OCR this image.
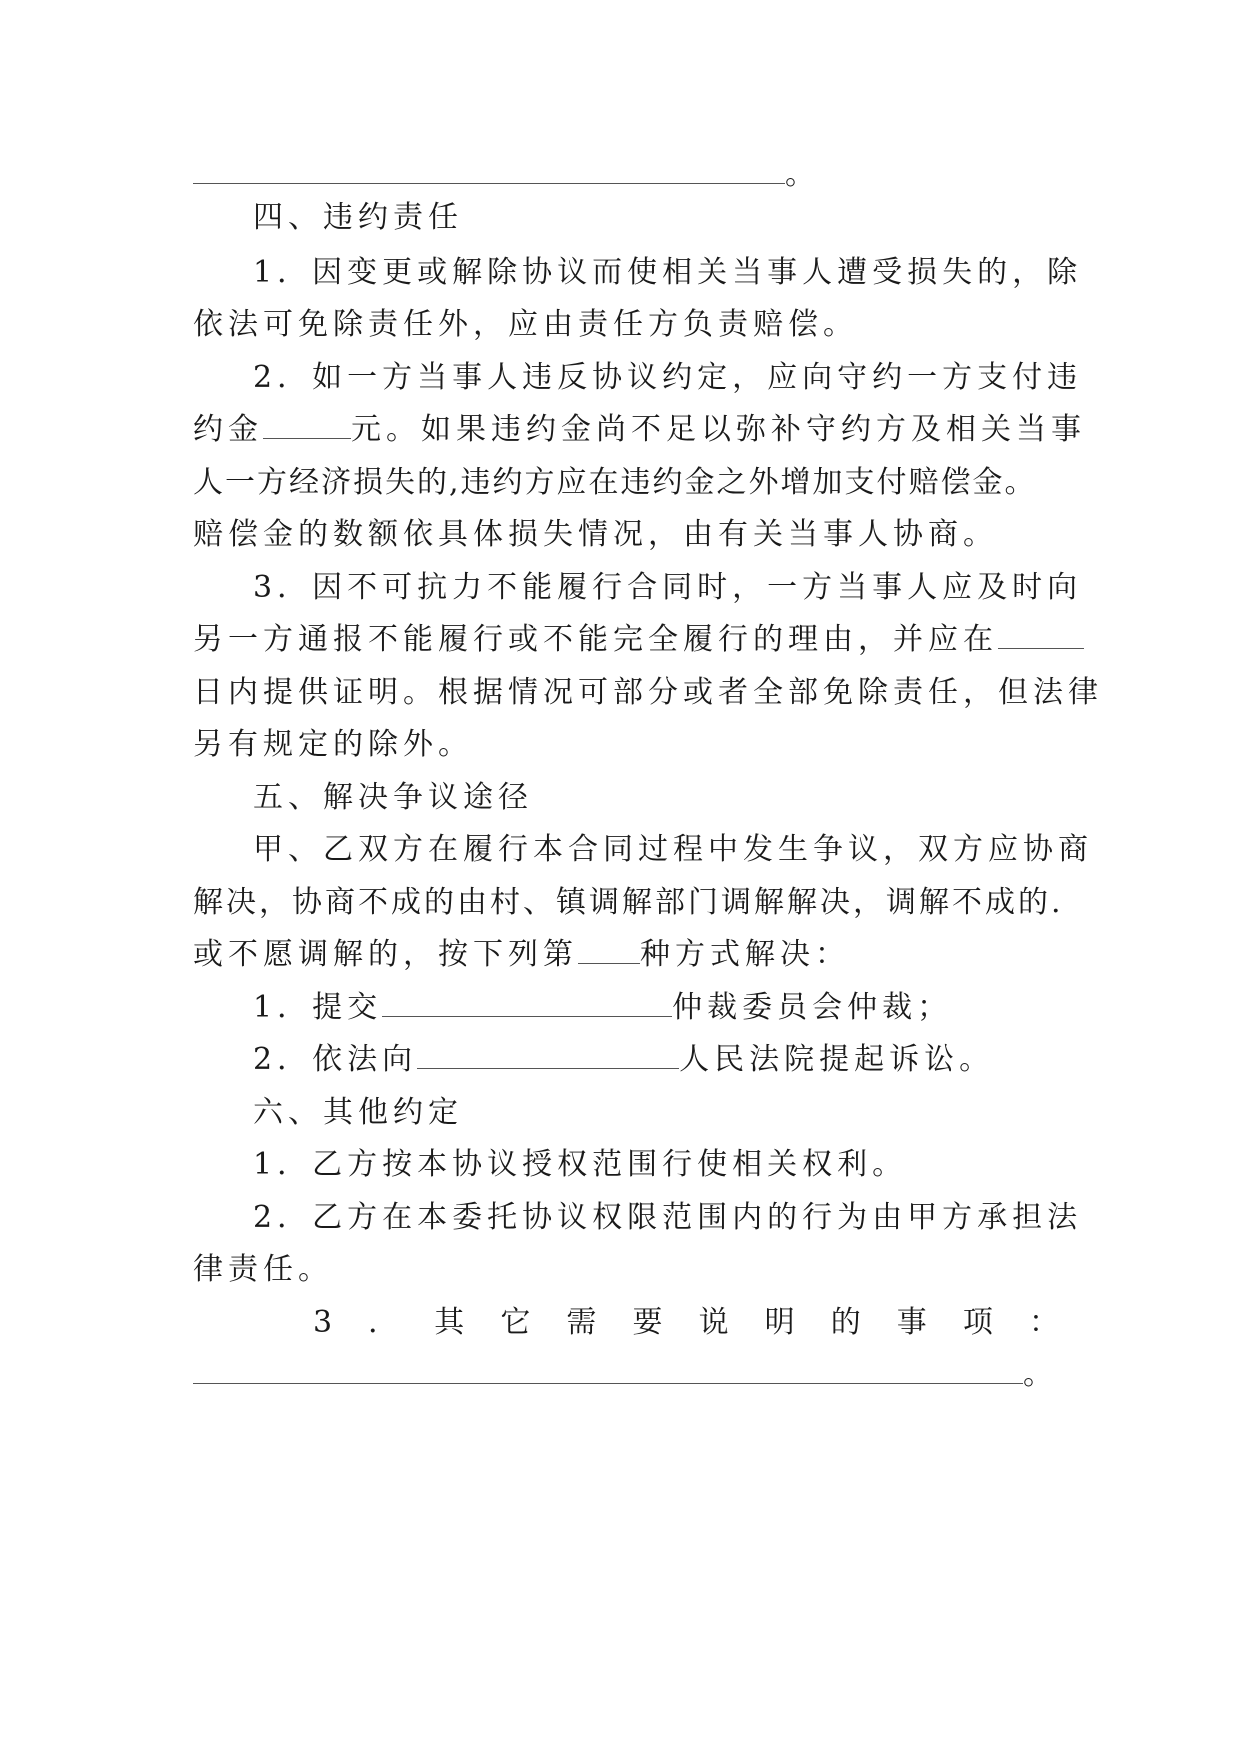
。
四、违约责任
1．因变更或解除协议而使相关当事人遭受损失的，除
依法可免除责任外，应由责任方负责赔偿。
2．如一方当事人违反协议约定，应向守约一方支付违
约金	元。如果违约金尚不足以弥补守约方及相关当事
人一方经济损失的,违约方应在违约金之外增加支付赔偿金。
赔偿金的数额依具体损失情况，由有关当事人协商。
3．因不可抗力不能履行合同时，一方当事人应及时向
另一方通报不能履行或不能完全履行的理由，并应在
日内提供证明。根据情况可部分或者全部免除责任，但法律
另有规定的除外。
五、解决争议途径
甲、乙双方在履行本合同过程中发生争议，双方应协商
解决，协商不成的由村、镇调解部门调解解决，调解不成的.
或不愿调解的，按下列第 种方式解决：
1．提交	仲裁委员会仲裁；
2．依法向	人民法院提起诉讼。
六、其他约定
1．乙方按本协议授权范围行使相关权利。
2．乙方在本委托协议权限范围内的行为由甲方承担法
律责任。
3 ． 其 它 需 要 说 明 的 事 项 ：
。
